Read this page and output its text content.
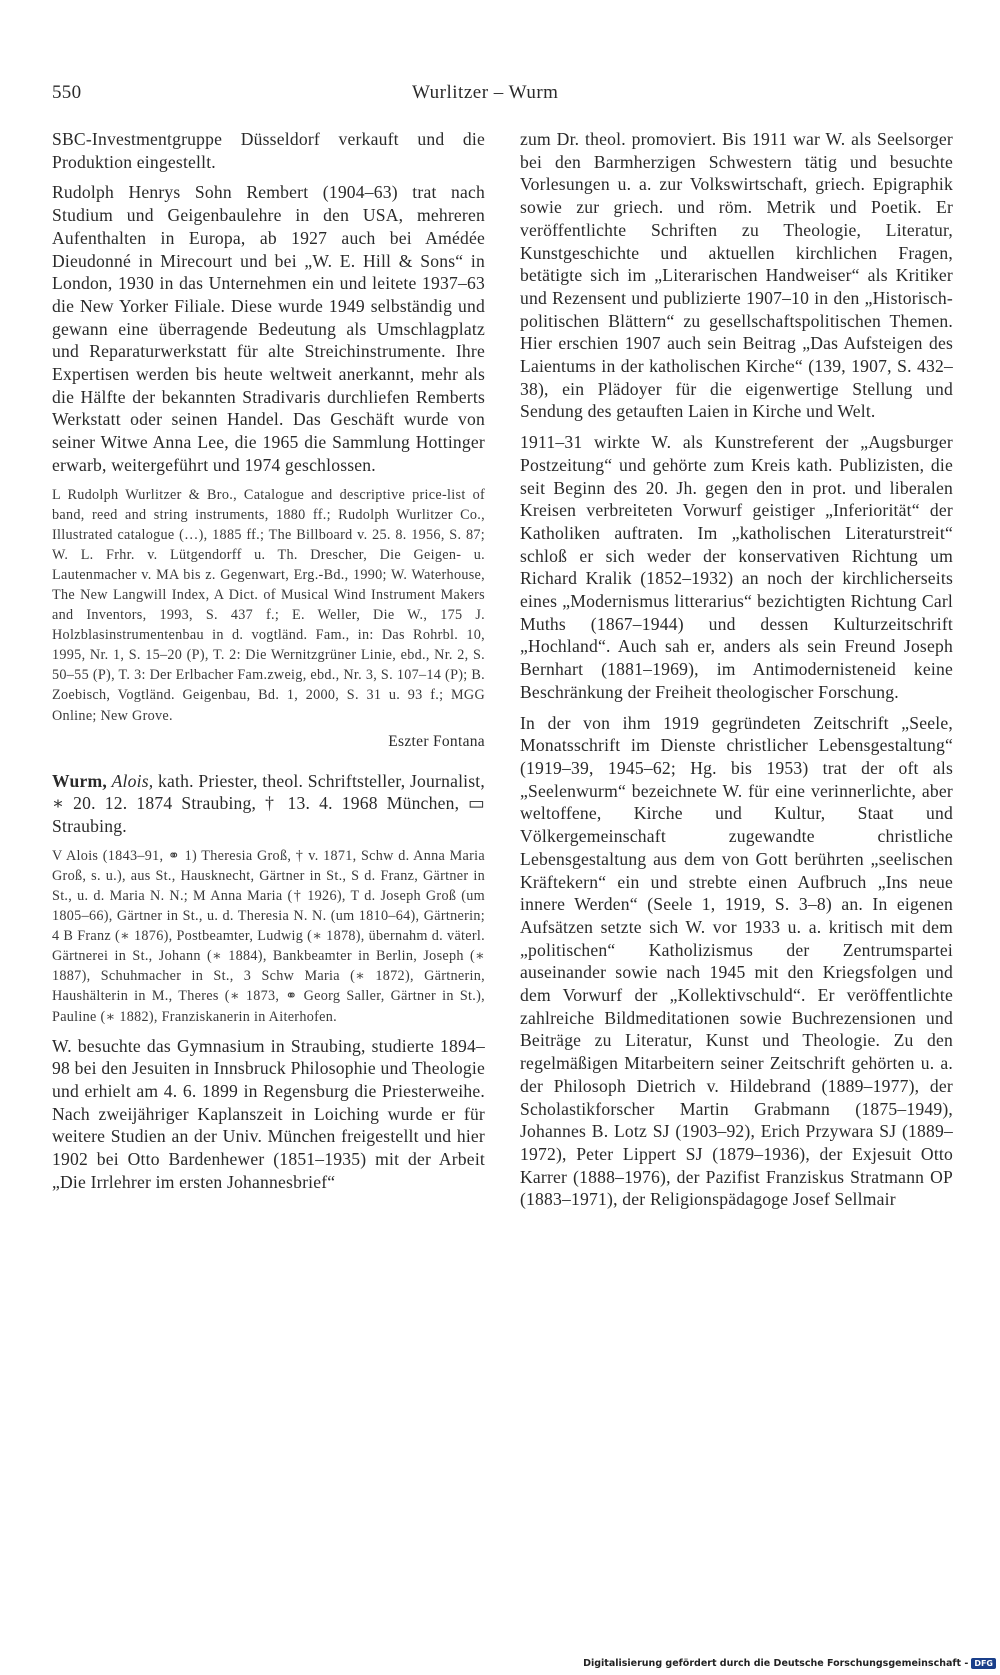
550	Wurlitzer – Wurm

SBC-Investmentgruppe Düsseldorf verkauft und die Produktion eingestellt.

Rudolph Henrys Sohn Rembert (1904–63) trat nach Studium und Geigenbaulehre in den USA, mehreren Aufenthalten in Europa, ab 1927 auch bei Amédée Dieudonné in Mirecourt und bei „W. E. Hill & Sons“ in London, 1930 in das Unternehmen ein und leitete 1937–63 die New Yorker Filiale. Diese wurde 1949 selbständig und gewann eine überragende Bedeutung als Umschlagplatz und Reparaturwerkstatt für alte Streichinstrumente. Ihre Expertisen werden bis heute weltweit anerkannt, mehr als die Hälfte der bekannten Stradivaris durchliefen Remberts Werkstatt oder seinen Handel. Das Geschäft wurde von seiner Witwe Anna Lee, die 1965 die Sammlung Hottinger erwarb, weitergeführt und 1974 geschlossen.

L Rudolph Wurlitzer & Bro., Catalogue and descriptive price-list of band, reed and string instruments, 1880 ff.; Rudolph Wurlitzer Co., Illustrated catalogue (…), 1885 ff.; The Billboard v. 25. 8. 1956, S. 87; W. L. Frhr. v. Lütgendorff u. Th. Drescher, Die Geigen- u. Lautenmacher v. MA bis z. Gegenwart, Erg.-Bd., 1990; W. Waterhouse, The New Langwill Index, A Dict. of Musical Wind Instrument Makers and Inventors, 1993, S. 437 f.; E. Weller, Die W., 175 J. Holzblasinstrumentenbau in d. vogtländ. Fam., in: Das Rohrbl. 10, 1995, Nr. 1, S. 15–20 (P), T. 2: Die Wernitzgrüner Linie, ebd., Nr. 2, S. 50–55 (P), T. 3: Der Erlbacher Fam.zweig, ebd., Nr. 3, S. 107–14 (P); B. Zoebisch, Vogtländ. Geigenbau, Bd. 1, 2000, S. 31 u. 93 f.; MGG Online; New Grove.

Eszter Fontana

Wurm, Alois, kath. Priester, theol. Schriftsteller, Journalist, ∗ 20. 12. 1874 Straubing, † 13. 4. 1968 München, ▭ Straubing.

V Alois (1843–91, ⚭ 1) Theresia Groß, † v. 1871, Schw d. Anna Maria Groß, s. u.), aus St., Hausknecht, Gärtner in St., S d. Franz, Gärtner in St., u. d. Maria N. N.; M Anna Maria († 1926), T d. Joseph Groß (um 1805–66), Gärtner in St., u. d. Theresia N. N. (um 1810–64), Gärtnerin; 4 B Franz (∗ 1876), Postbeamter, Ludwig (∗ 1878), übernahm d. väterl. Gärtnerei in St., Johann (∗ 1884), Bankbeamter in Berlin, Joseph (∗ 1887), Schuhmacher in St., 3 Schw Maria (∗ 1872), Gärtnerin, Haushälterin in M., Theres (∗ 1873, ⚭ Georg Saller, Gärtner in St.), Pauline (∗ 1882), Franziskanerin in Aiterhofen.

W. besuchte das Gymnasium in Straubing, studierte 1894–98 bei den Jesuiten in Innsbruck Philosophie und Theologie und erhielt am 4. 6. 1899 in Regensburg die Priesterweihe. Nach zweijähriger Kaplanszeit in Loiching wurde er für weitere Studien an der Univ. München freigestellt und hier 1902 bei Otto Bardenhewer (1851–1935) mit der Arbeit „Die Irrlehrer im ersten Johannesbrief“

zum Dr. theol. promoviert. Bis 1911 war W. als Seelsorger bei den Barmherzigen Schwestern tätig und besuchte Vorlesungen u. a. zur Volkswirtschaft, griech. Epigraphik sowie zur griech. und röm. Metrik und Poetik. Er veröffentlichte Schriften zu Theologie, Literatur, Kunstgeschichte und aktuellen kirchlichen Fragen, betätigte sich im „Literarischen Handweiser“ als Kritiker und Rezensent und publizierte 1907–10 in den „Historisch-politischen Blättern“ zu gesellschaftspolitischen Themen. Hier erschien 1907 auch sein Beitrag „Das Aufsteigen des Laientums in der katholischen Kirche“ (139, 1907, S. 432–38), ein Plädoyer für die eigenwertige Stellung und Sendung des getauften Laien in Kirche und Welt.

1911–31 wirkte W. als Kunstreferent der „Augsburger Postzeitung“ und gehörte zum Kreis kath. Publizisten, die seit Beginn des 20. Jh. gegen den in prot. und liberalen Kreisen verbreiteten Vorwurf geistiger „Inferiorität“ der Katholiken auftraten. Im „katholischen Literaturstreit“ schloß er sich weder der konservativen Richtung um Richard Kralik (1852–1932) an noch der kirchlicherseits eines „Modernismus litterarius“ bezichtigten Richtung Carl Muths (1867–1944) und dessen Kulturzeitschrift „Hochland“. Auch sah er, anders als sein Freund Joseph Bernhart (1881–1969), im Antimodernisteneid keine Beschränkung der Freiheit theologischer Forschung.

In der von ihm 1919 gegründeten Zeitschrift „Seele, Monatsschrift im Dienste christlicher Lebensgestaltung“ (1919–39, 1945–62; Hg. bis 1953) trat der oft als „Seelenwurm“ bezeichnete W. für eine verinnerlichte, aber weltoffene, Kirche und Kultur, Staat und Völkergemeinschaft zugewandte christliche Lebensgestaltung aus dem von Gott berührten „seelischen Kräftekern“ ein und strebte einen Aufbruch „Ins neue innere Werden“ (Seele 1, 1919, S. 3–8) an. In eigenen Aufsätzen setzte sich W. vor 1933 u. a. kritisch mit dem „politischen“ Katholizismus der Zentrumspartei auseinander sowie nach 1945 mit den Kriegsfolgen und dem Vorwurf der „Kollektivschuld“. Er veröffentlichte zahlreiche Bildmeditationen sowie Buchrezensionen und Beiträge zu Literatur, Kunst und Theologie. Zu den regelmäßigen Mitarbeitern seiner Zeitschrift gehörten u. a. der Philosoph Dietrich v. Hildebrand (1889–1977), der Scholastikforscher Martin Grabmann (1875–1949), Johannes B. Lotz SJ (1903–92), Erich Przywara SJ (1889–1972), Peter Lippert SJ (1879–1936), der Exjesuit Otto Karrer (1888–1976), der Pazifist Franziskus Stratmann OP (1883–1971), der Religionspädagoge Josef Sellmair

Digitalisierung gefördert durch die Deutsche Forschungsgemeinschaft - DFG
